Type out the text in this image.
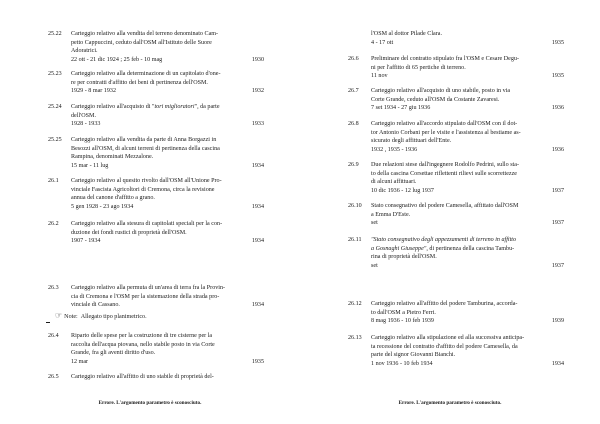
25.22	Carteggio relativo alla vendita del terreno denominato Cam-
petto Cappuccini, ceduto dall'OSM all'Istituto delle Suore
Adoratrici.
22 ott - 21 dic 1924 ; 25 feb - 10 mag	1930
25.23	Carteggio relativo alla determinazione di un capitolato d'one-
re per contratti d'affitto dei beni di pertinenza dell'OSM.
1929 - 8 mar 1932	1932
25.24	Carteggio relativo all'acquisto di "tori miglioratori", da parte
dell'OSM.
1928 - 1933	1933
25.25	Carteggio relativo alla vendita da parte di Anna Borgazzi in
Besozzi all'OSM, di alcuni terreni di pertinenza della cascina
Rampina, denominati Mezzalone.
15 mar - 11 lug	1934
26.1	Carteggio relativo al quesito rivolto dall'OSM all'Unione Pro-
vinciale Fascista Agricoltori di Cremona, circa la revisione
annua del canone d'affitto a grano.
5 gen 1928 - 23 ago 1934	1934
26.2	Carteggio relativo alla stesura di capitolati speciali per la con-
duzione dei fondi rustici di proprietà dell'OSM.
1907 - 1934	1934
26.3	Carteggio relativo alla permuta di un'area di terra fra la Provin-
cia di Cremona e l'OSM per la sistemazione della strada pro-
vinciale di Cassano.	1934
☞ Note: Allegato tipo planimetrico.
26.4	Riparto delle spese per la costruzione di tre cisterne per la
raccolta dell'acqua piovana, nello stabile posto in via Corte
Grande, fra gli aventi diritto d'uso.
12 mar	1935
26.5	Carteggio relativo all'affitto di uno stabile di proprietà del-
Errore. L'argomento parametro è sconosciuto.
l'OSM al dottor Pilade Clara.
4 - 17 ott	1935
26.6	Preliminare del contratto stipulato fra l'OSM e Cesare Degu-
ni per l'affitto di 65 pertiche di terreno.
11 nov	1935
26.7	Carteggio relativo all'acquisto di uno stabile, posto in via
Corte Grande, ceduto all'OSM da Costante Zavaresi.
7 set 1934 - 27 giu 1936	1936
26.8	Carteggio relativo all'accordo stipulato dall'OSM con il dot-
tor Antonio Corbani per le visite e l'assistenza al bestiame as-
sicurato degli affittuari dell'Ente.
1932 , 1935 - 1936	1936
26.9	Due relazioni stese dall'ingegnere Rodolfo Pedrini, sullo sta-
to della cascina Corsettae riflettenti rilievi sulle scorrettezze
di alcuni affittuari.
10 dic 1936 - 12 lug 1937	1937
26.10	Stato consegnativo del podere Camesella, affittato dall'OSM
a Emma D'Este.
set	1937
26.11	"Stato consegnativo degli appezzamenti di terreno in affitto
a Gosnaghi Giuseppe", di pertinenza della cascina Tambu-
rina di proprietà dell'OSM.
set	1937
26.12	Carteggio relativo all'affitto del podere Tamburina, accorda-
to dall'OSM a Pietro Ferri.
8 mag 1936 - 10 feb 1939	1939
26.13	Carteggio relativo alla stipulazione ed alla successiva anticipa-
ta recessione del contratto d'affitto del podere Camesella, da
parte del signor Giovanni Bianchi.
1 nov 1936 - 10 feb 1934	1934
Errore. L'argomento parametro è sconosciuto.
